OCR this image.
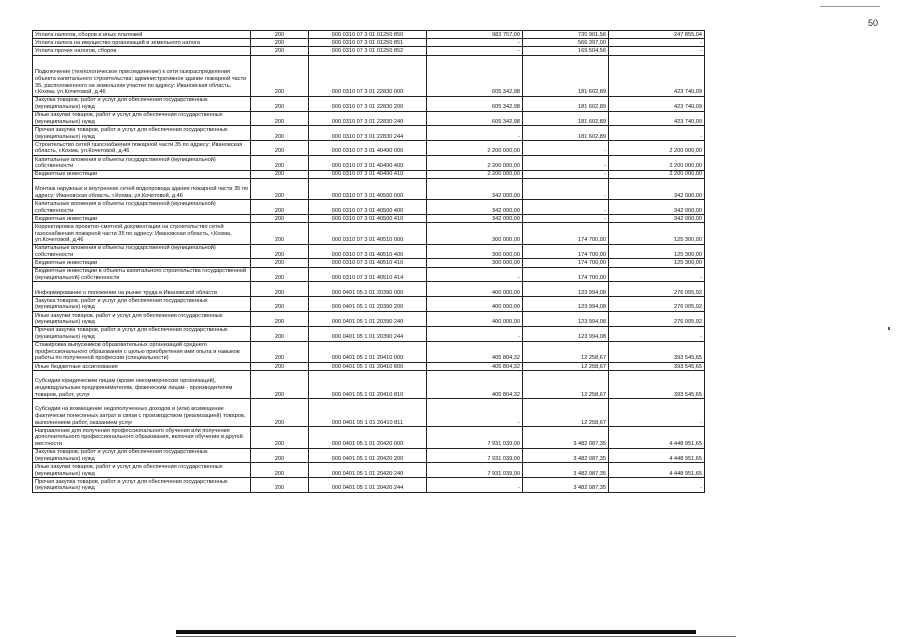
50
Уплата налогов, сборов и иных платежей	200	000 0310 07 3 01 01250 850	983 757,00	735 901,56	247 855,04
Уплата налога на имущество организаций и земельного налога	200	000 0310 07 3 01 01250 851	-	566 397,00	-
Уплата прочих налогов, сборов	200	000 0310 07 3 01 01250 852	-	169 504,56	-
Подключение (технологическое присоединение) к сети газораспределения объекта капитального строительства: административное здание пожарной части 35, расположенного на земельном участке по адресу: Ивановская область, г.Кохма, ул.Кочетовой, д.46	200	000 0310 07 3 01 22830 000	605 342,98	181 602,89	423 740,09
Закупка товаров, работ и услуг для обеспечения государственных (муниципальных) нужд	200	000 0310 07 3 01 22830 200	605 342,98	181 602,89	423 740,09
Иные закупки товаров, работ и услуг для обеспечения государственных (муниципальных) нужд	200	000 0310 07 3 01 22830 240	605 342,98	181 602,89	423 740,09
Прочая закупка товаров, работ и услуг для обеспечения государственных (муниципальных) нужд	200	000 0310 07 3 01 22830 244	-	181 602,89	-
Строительство сетей газоснабжения пожарной части 35 по адресу: Ивановская область, г.Кохма, ул.Кочетовой, д.46	200	000 0310 07 3 01 40490 000	2 200 000,00	-	2 200 000,00
Капитальные вложения в объекты государственной (муниципальной) собственности	200	000 0310 07 3 01 40490 400	2 200 000,00	-	2 200 000,00
Бюджетные инвестиции	200	000 0310 07 3 01 40490 410	2 200 000,00	-	2 200 000,00
Монтаж наружных и внутренних сетей водопровода здания пожарной части 35 по адресу: Ивановская область, г.Кохма, ул.Кочетовой, д.46	200	000 0310 07 3 01 40500 000	342 000,00	-	342 000,00
Капитальные вложения в объекты государственной (муниципальной) собственности	200	000 0310 07 3 01 40500 400	342 000,00	-	342 000,00
Бюджетные инвестиции	200	000 0310 07 3 01 40500 410	342 000,00	-	342 000,00
Корректировка проектно-сметной документации на строительство сетей газоснабжения пожарной части 35 по адресу: Ивановская область, г.Кохма, ул.Кочетовой, д.46	200	000 0310 07 3 01 40510 000	300 000,00	174 700,00	125 300,00
Капитальные вложения в объекты государственной (муниципальной) собственности	200	000 0310 07 3 01 40510 400	300 000,00	174 700,00	125 300,00
Бюджетные инвестиции	200	000 0310 07 3 01 40510 410	300 000,00	174 700,00	125 300,00
Бюджетные инвестиции в объекты капитального строительства государственной (муниципальной) собственности	200	000 0310 07 3 01 40510 414	-	174 700,00	-
Информирование о положении на рынке труда в Ивановской области	200	000 0401 05 1 01 20390 000	400 000,00	123 994,08	276 005,92
Закупка товаров, работ и услуг для обеспечения государственных (муниципальных) нужд	200	000 0401 05 1 01 20390 200	400 000,00	123 994,08	276 005,92
Иные закупки товаров, работ и услуг для обеспечения государственных (муниципальных) нужд	200	000 0401 05 1 01 20390 240	400 000,00	123 994,08	276 005,92
Прочая закупка товаров, работ и услуг для обеспечения государственных (муниципальных) нужд	200	000 0401 05 1 01 20390 244	-	123 994,08	-
Стажировка выпускников образовательных организаций среднего профессионального образования с целью приобретения ими опыта и навыков работы по полученной профессии (специальности)	200	000 0401 05 1 01 20410 000	405 804,32	12 258,67	393 545,65
Иные бюджетные ассигнования	200	000 0401 05 1 01 20410 800	405 804,32	12 258,67	393 545,65
Субсидии юридическим лицам (кроме некоммерческих организаций), индивидуальным предпринимателям, физическим лицам - производителям товаров, работ, услуг	200	000 0401 05 1 01 20410 810	405 804,32	12 258,67	393 545,65
Субсидии на возмещение недополученных доходов и (или) возмещение фактически понесенных затрат в связи с производством (реализацией) товаров, выполнением работ, оказанием услуг	200	000 0401 05 1 01 20410 811	-	12 258,67	-
Направление для получения профессионального обучения или получения дополнительного профессионального образования, включая обучение в другой местности	200	000 0401 05 1 01 20420 000	7 931 039,00	3 482 087,35	4 448 951,65
Закупка товаров, работ и услуг для обеспечения государственных (муниципальных) нужд	200	000 0401 05 1 01 20420 200	7 931 039,00	3 482 087,35	4 448 951,65
Иные закупки товаров, работ и услуг для обеспечения государственных (муниципальных) нужд	200	000 0401 05 1 01 20420 240	7 931 039,00	3 482 087,35	4 448 951,65
Прочая закупка товаров, работ и услуг для обеспечения государственных (муниципальных) нужд	200	000 0401 05 1 01 20420 244	-	3 482 087,35	-
